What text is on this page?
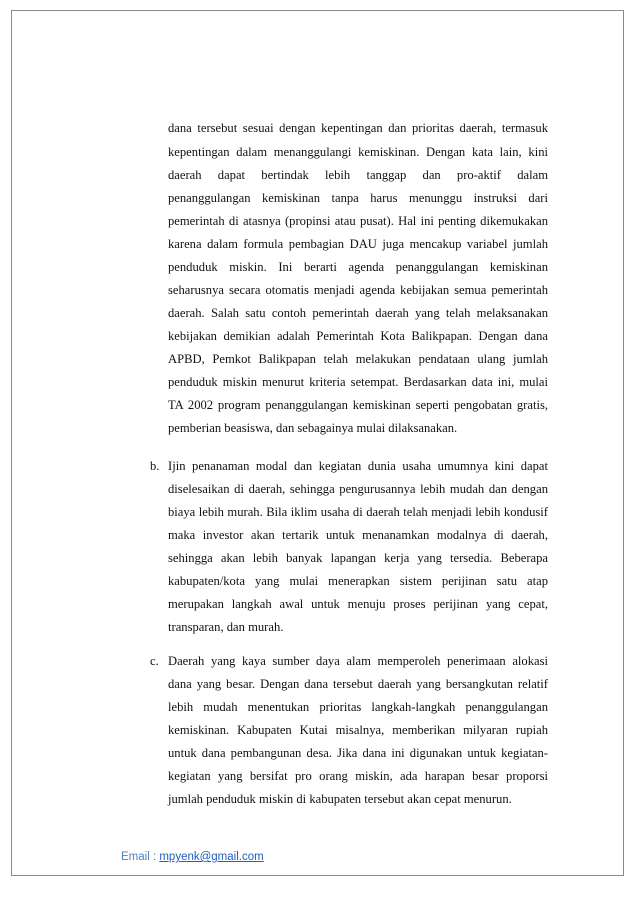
dana tersebut sesuai dengan kepentingan dan prioritas daerah, termasuk
kepentingan dalam menanggulangi kemiskinan. Dengan kata lain, kini
daerah dapat bertindak lebih tanggap dan pro-aktif dalam
penanggulangan kemiskinan tanpa harus menunggu instruksi dari
pemerintah di atasnya (propinsi atau pusat). Hal ini penting dikemukakan
karena dalam formula pembagian DAU juga mencakup variabel jumlah
penduduk miskin. Ini berarti agenda penanggulangan kemiskinan
seharusnya secara otomatis menjadi agenda kebijakan semua pemerintah
daerah. Salah satu contoh pemerintah daerah yang telah melaksanakan
kebijakan demikian adalah Pemerintah Kota Balikpapan. Dengan dana
APBD, Pemkot Balikpapan telah melakukan pendataan ulang jumlah
penduduk miskin menurut kriteria setempat. Berdasarkan data ini, mulai
TA 2002 program penanggulangan kemiskinan seperti pengobatan gratis,
pemberian beasiswa, dan sebagainya mulai dilaksanakan.
b. Ijin penanaman modal dan kegiatan dunia usaha umumnya kini dapat
diselesaikan di daerah, sehingga pengurusannya lebih mudah dan dengan
biaya lebih murah. Bila iklim usaha di daerah telah menjadi lebih kondusif
maka investor akan tertarik untuk menanamkan modalnya di daerah,
sehingga akan lebih banyak lapangan kerja yang tersedia. Beberapa
kabupaten/kota yang mulai menerapkan sistem perijinan satu atap
merupakan langkah awal untuk menuju proses perijinan yang cepat,
transparan, dan murah.
c. Daerah yang kaya sumber daya alam memperoleh penerimaan alokasi
dana yang besar. Dengan dana tersebut daerah yang bersangkutan relatif
lebih mudah menentukan prioritas langkah-langkah penanggulangan
kemiskinan. Kabupaten Kutai misalnya, memberikan milyaran rupiah
untuk dana pembangunan desa. Jika dana ini digunakan untuk kegiatan-
kegiatan yang bersifat pro orang miskin, ada harapan besar proporsi
jumlah penduduk miskin di kabupaten tersebut akan cepat menurun.
Email : mpyenk@gmail.com
